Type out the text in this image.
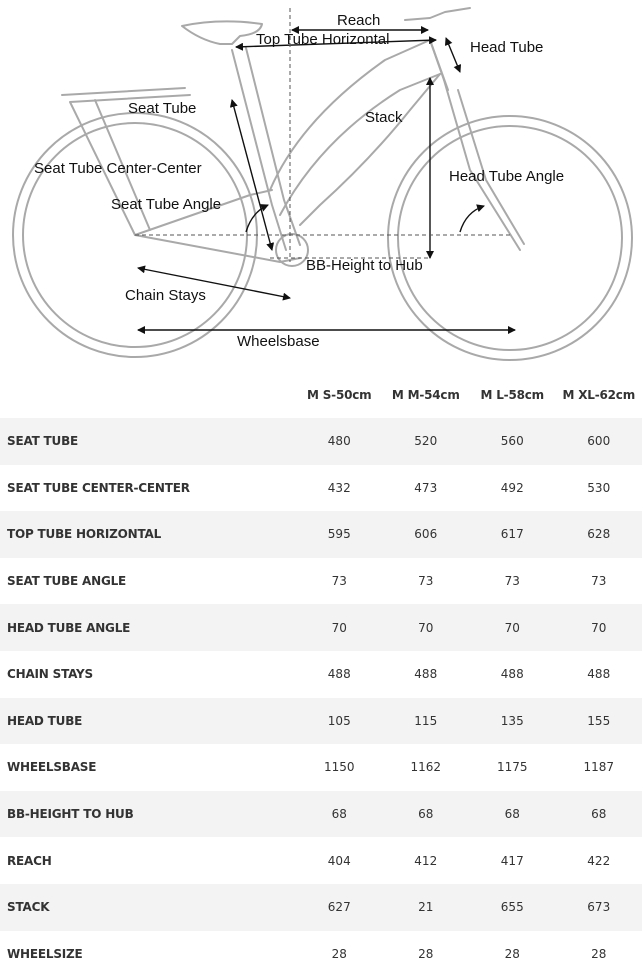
Reach
Top Tube Horizontal	Head Tube
Seat Tube
Stack
Seat Tube Center-Center	Head Tube Angle
Seat Tube Angle
BB-Height to Hub
Chain Stays
Wheelsbase
	M S-50cm	M M-54cm	M L-58cm	M XL-62cm
SEAT TUBE	480	520	560	600
SEAT TUBE CENTER-CENTER	432	473	492	530
TOP TUBE HORIZONTAL	595	606	617	628
SEAT TUBE ANGLE	73	73	73	73
HEAD TUBE ANGLE	70	70	70	70
CHAIN STAYS	488	488	488	488
HEAD TUBE	105	115	135	155
WHEELSBASE	1150	1162	1175	1187
BB-HEIGHT TO HUB	68	68	68	68
REACH	404	412	417	422
STACK	627	21	655	673
WHEELSIZE	28	28	28	28
